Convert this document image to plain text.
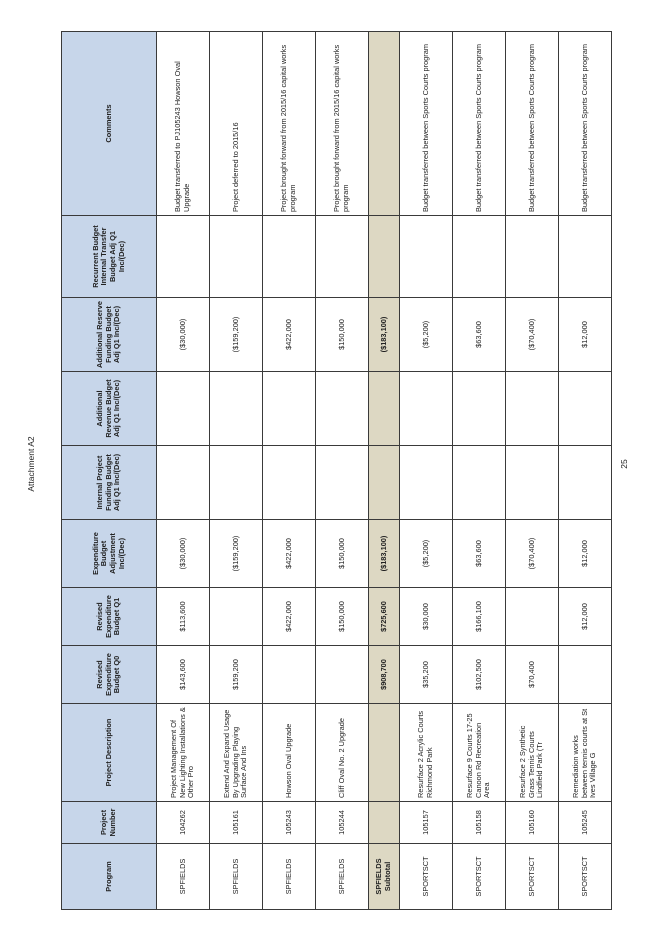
Attachment A2	25
Program	Project Number	Project Description	Revised Expenditure Budget Q0	Revised Expenditure Budget Q1	Expenditure Budget Adjustment Inc/(Dec)	Internal Project Funding Budget Adj Q1 Inc/(Dec)	Additional Revenue Budget Adj Q1 Inc/(Dec)	Additional Reserve Funding Budget Adj Q1 Inc/(Dec)	Recurrent Budget Internal Transfer Budget Adj Q1 Inc/(Dec)	Comments
SPFIELDS	104262	Project Management Of New Lighting Installations & Other Pro	$143,600	$113,600	($30,000)			($30,000)		Budget transferred to PJ105243 Howson Oval Upgrade
SPFIELDS	105161	Extend And Expand Usage By Upgrading Playing Surface And Ins	$159,200		($159,200)			($159,200)		Project deferred to 2015/16
SPFIELDS	105243	Howson Oval Upgrade		$422,000	$422,000			$422,000		Project brought forward from 2015/16 capital works program
SPFIELDS	105244	Cliff Oval No. 2 Upgrade		$150,000	$150,000			$150,000		Project brought forward from 2015/16 capital works program
SPFIELDS Subtotal			$908,700	$725,600	($183,100)			($183,100)		
SPORTSCT	105157	Resurface 2 Acrylic Courts Richmond Park	$35,200	$30,000	($5,200)			($5,200)		Budget transferred between Sports Courts program
SPORTSCT	105158	Resurface 9 Courts 17-25 Canoon Rd Recreation Area	$102,500	$166,100	$63,600			$63,600		Budget transferred between Sports Courts program
SPORTSCT	105160	Resurface 2 Synthetic Grass Tennis Courts Lindfield Park (Tr	$70,400		($70,400)			($70,400)		Budget transferred between Sports Courts program
SPORTSCT	105245	Remediation works between tennis courts at St Ives Village G		$12,000	$12,000			$12,000		Budget transferred between Sports Courts program
